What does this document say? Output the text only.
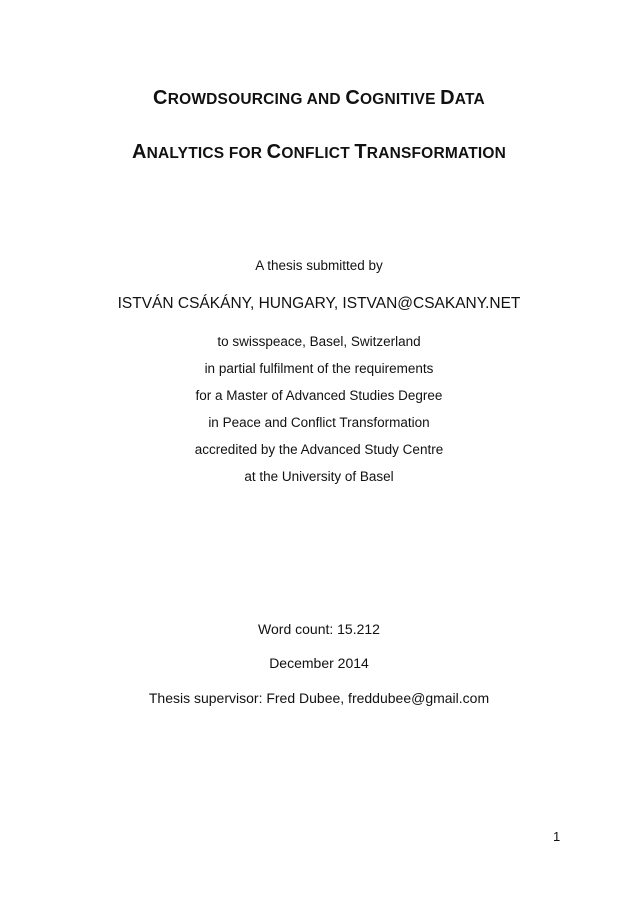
CROWDSOURCING AND COGNITIVE DATA
ANALYTICS FOR CONFLICT TRANSFORMATION
A thesis submitted by
ISTVÁN CSÁKÁNY, HUNGARY, ISTVAN@CSAKANY.NET
to swisspeace, Basel, Switzerland
in partial fulfilment of the requirements
for a Master of Advanced Studies Degree
in Peace and Conflict Transformation
accredited by the Advanced Study Centre
at the University of Basel
Word count: 15.212
December 2014
Thesis supervisor: Fred Dubee, freddubee@gmail.com
1
